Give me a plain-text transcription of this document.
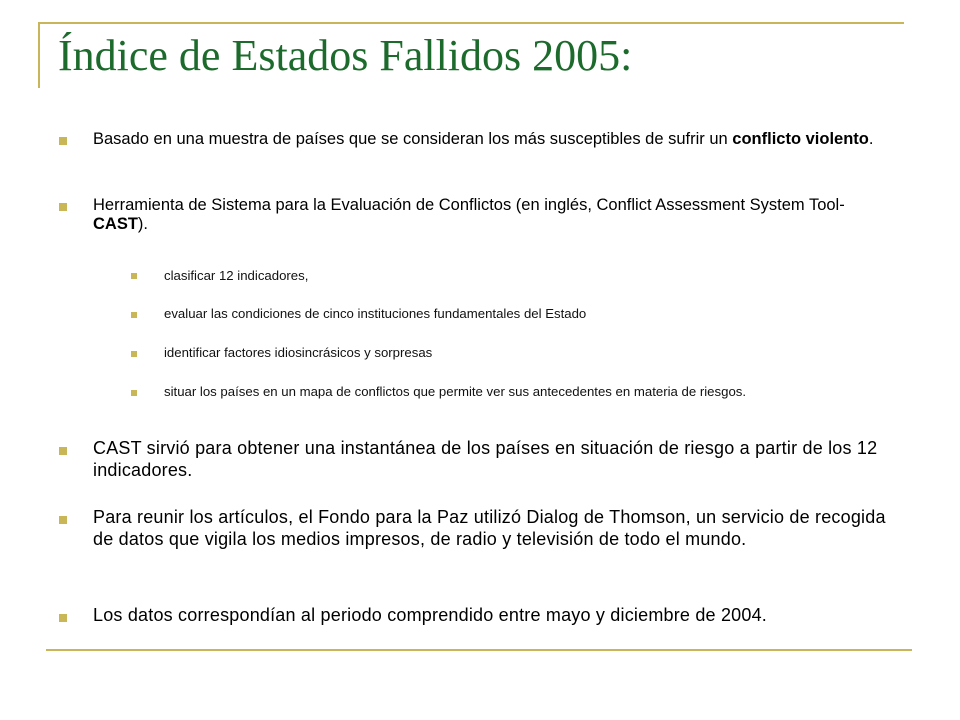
Índice de Estados Fallidos 2005:
Basado en una muestra de países que se consideran los más susceptibles de sufrir un conflicto violento.
Herramienta de Sistema para la Evaluación de Conflictos (en inglés, Conflict Assessment System Tool- CAST).
clasificar 12 indicadores,
evaluar las condiciones de cinco instituciones fundamentales del Estado
identificar factores idiosincrásicos y sorpresas
situar los países en un mapa de conflictos que permite ver sus antecedentes en materia de riesgos.
CAST sirvió para obtener una instantánea de los países en situación de riesgo a partir de los 12 indicadores.
Para reunir los artículos, el Fondo para la Paz utilizó Dialog de Thomson, un servicio de recogida de datos que vigila los medios impresos, de radio y televisión de todo el mundo.
Los datos correspondían al periodo comprendido entre mayo y diciembre de 2004.
